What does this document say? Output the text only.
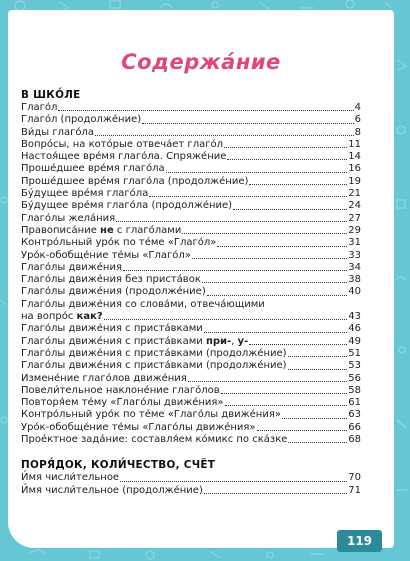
Содержа́ние
В ШКО́ЛЕ
Глаго́л	4
Глаго́л (продолже́ние)	6
Ви́ды глаго́ла	8
Вопро́сы, на кото́рые отвеча́ет глаго́л	11
Настоя́щее вре́мя глаго́ла. Спряже́ние	14
Проше́дшее вре́мя глаго́ла	16
Проше́дшее вре́мя глаго́ла (продолже́ние)	19
Бу́дущее вре́мя глаго́ла	21
Бу́дущее вре́мя глаго́ла (продолже́ние)	24
Глаго́лы жела́ния	27
Правописа́ние не с глаго́лами	29
Контро́льный уро́к по те́ме «Глаго́л»	31
Уро́к-обобще́ние те́мы «Глаго́л»	33
Глаго́лы движе́ния	34
Глаго́лы движе́ния без приста́вок	38
Глаго́лы движе́ния (продолже́ние)	40
Глаго́лы движе́ния со слова́ми, отвеча́ющими
на вопро́с как?	43
Глаго́лы движе́ния с приста́вками	46
Глаго́лы движе́ния с приста́вками при-, у-	49
Глаго́лы движе́ния с приста́вками (продолже́ние)	51
Глаго́лы движе́ния с приста́вками (продолже́ние)	53
Измене́ние глаго́лов движе́ния	56
Повели́тельное наклоне́ние глаго́лов	58
Повторя́ем те́му «Глаго́лы движе́ния»	61
Контро́льный уро́к по те́ме «Глаго́лы движе́ния»	63
Уро́к-обобще́ние те́мы «Глаго́лы движе́ния»	66
Прое́ктное зада́ние: составля́ем ко́микс по ска́зке	68
ПОРЯ́ДОК, КОЛИ́ЧЕСТВО, СЧЁТ
И́мя числи́тельное	70
И́мя числи́тельное (продолже́ние)	71
119
